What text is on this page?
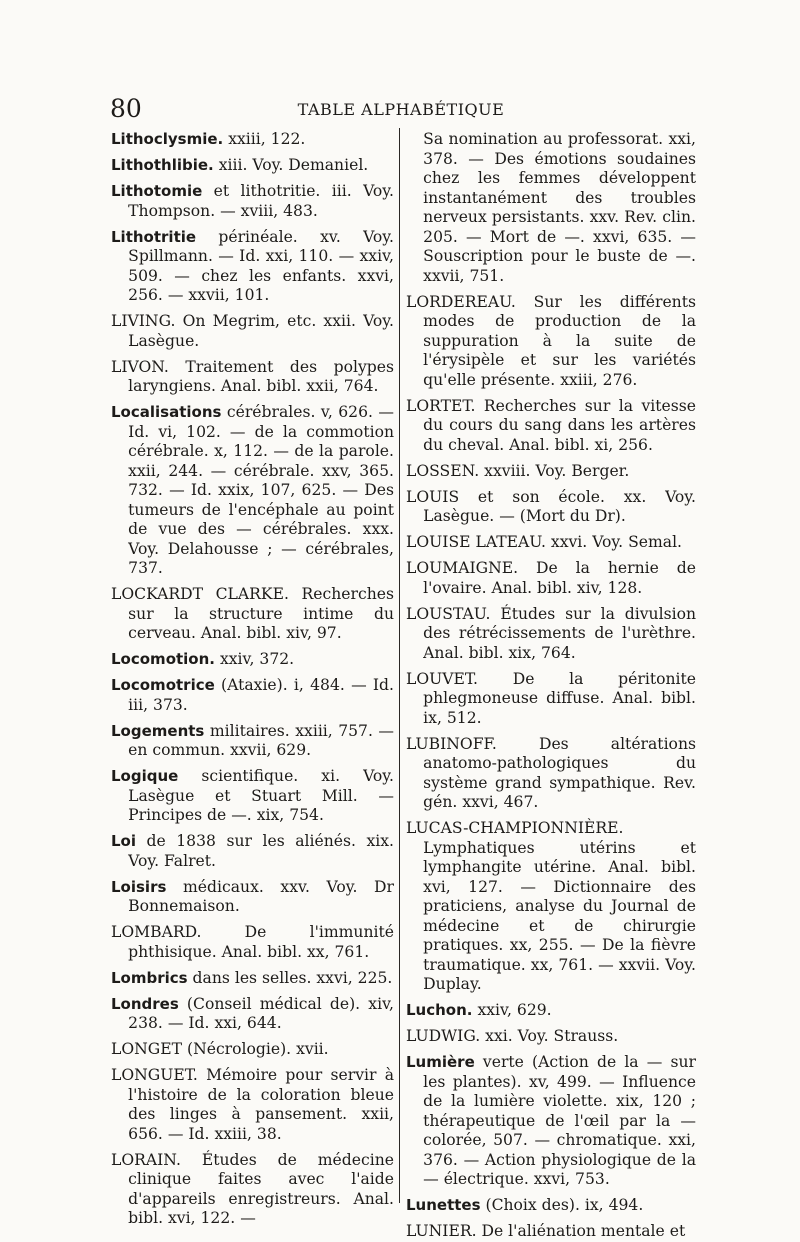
80	TABLE ALPHABÉTIQUE

Lithoclysmie. xxiii, 122.

Lithothlibie. xiii. Voy. Demaniel.

Lithotomie et lithotritie. iii. Voy. Thompson. — xviii, 483.

Lithotritie périnéale. xv. Voy. Spillmann. — Id. xxi, 110. — xxiv, 509. — chez les enfants. xxvi, 256. — xxvii, 101.

LIVING. On Megrim, etc. xxii. Voy. Lasègue.

LIVON. Traitement des polypes laryngiens. Anal. bibl. xxii, 764.

Localisations cérébrales. v, 626. — Id. vi, 102. — de la commotion cérébrale. x, 112. — de la parole. xxii, 244. — cérébrale. xxv, 365. 732. — Id. xxix, 107, 625. — Des tumeurs de l'encéphale au point de vue des — cérébrales. xxx. Voy. Delahousse ; — cérébrales, 737.

LOCKARDT CLARKE. Recherches sur la structure intime du cerveau. Anal. bibl. xiv, 97.

Locomotion. xxiv, 372.

Locomotrice (Ataxie). i, 484. — Id. iii, 373.

Logements militaires. xxiii, 757. — en commun. xxvii, 629.

Logique scientifique. xi. Voy. Lasègue et Stuart Mill. — Principes de —. xix, 754.

Loi de 1838 sur les aliénés. xix. Voy. Falret.

Loisirs médicaux. xxv. Voy. Dr Bonnemaison.

LOMBARD. De l'immunité phthisique. Anal. bibl. xx, 761.

Lombrics dans les selles. xxvi, 225.

Londres (Conseil médical de). xiv, 238. — Id. xxi, 644.

LONGET (Nécrologie). xvii.

LONGUET. Mémoire pour servir à l'histoire de la coloration bleue des linges à pansement. xxii, 656. — Id. xxiii, 38.

LORAIN. Études de médecine clinique faites avec l'aide d'appareils enregistreurs. Anal. bibl. xvi, 122. —

Sa nomination au professorat. xxi, 378. — Des émotions soudaines chez les femmes développent instantanément des troubles nerveux persistants. xxv. Rev. clin. 205. — Mort de —. xxvi, 635. — Souscription pour le buste de —. xxvii, 751.

LORDEREAU. Sur les différents modes de production de la suppuration à la suite de l'érysipèle et sur les variétés qu'elle présente. xxiii, 276.

LORTET. Recherches sur la vitesse du cours du sang dans les artères du cheval. Anal. bibl. xi, 256.

LOSSEN. xxviii. Voy. Berger.

LOUIS et son école. xx. Voy. Lasègue. — (Mort du Dr).

LOUISE LATEAU. xxvi. Voy. Semal.

LOUMAIGNE. De la hernie de l'ovaire. Anal. bibl. xiv, 128.

LOUSTAU. Études sur la divulsion des rétrécissements de l'urèthre. Anal. bibl. xix, 764.

LOUVET. De la péritonite phlegmoneuse diffuse. Anal. bibl. ix, 512.

LUBINOFF. Des altérations anatomo-pathologiques du système grand sympathique. Rev. gén. xxvi, 467.

LUCAS-CHAMPIONNIÈRE. Lymphatiques utérins et lymphangite utérine. Anal. bibl. xvi, 127. — Dictionnaire des praticiens, analyse du Journal de médecine et de chirurgie pratiques. xx, 255. — De la fièvre traumatique. xx, 761. — xxvii. Voy. Duplay.

Luchon. xxiv, 629.

LUDWIG. xxi. Voy. Strauss.

Lumière verte (Action de la — sur les plantes). xv, 499. — Influence de la lumière violette. xix, 120 ; thérapeutique de l'œil par la — colorée, 507. — chromatique. xxi, 376. — Action physiologique de la — électrique. xxvi, 753.

Lunettes (Choix des). ix, 494.

LUNIER. De l'aliénation mentale et
